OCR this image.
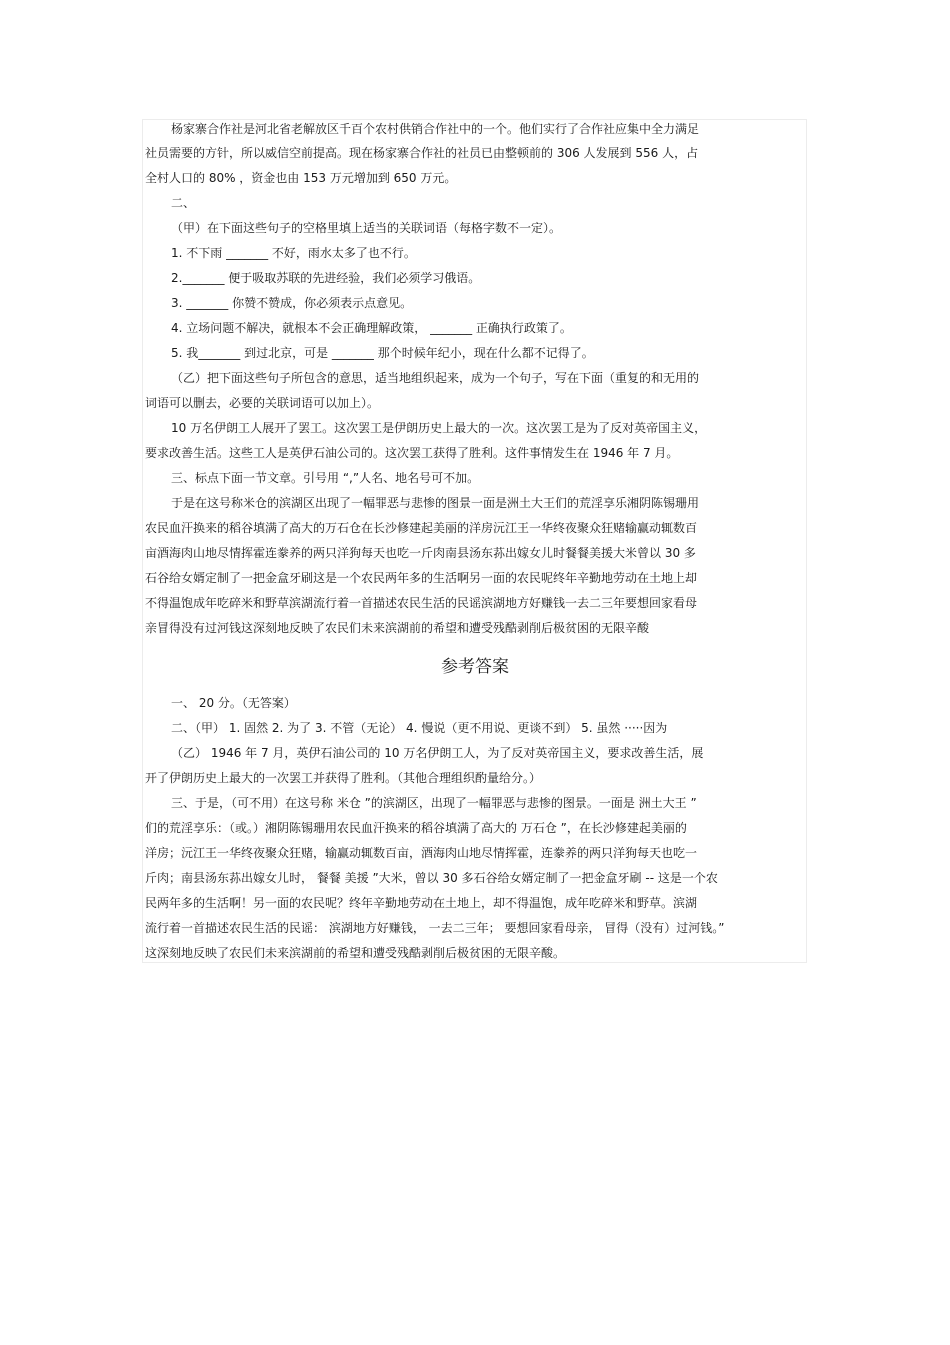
杨家寨合作社是河北省老解放区千百个农村供销合作社中的一个。他们实行了合作社应集中全力满足
社员需要的方针，所以威信空前提高。现在杨家寨合作社的社员已由整顿前的 306 人发展到 556 人，占
全村人口的 80% ，资金也由 153 万元增加到 650 万元。
二、
（甲）在下面这些句子的空格里填上适当的关联词语（每格字数不一定）。
1. 不下雨 _______ 不好，雨水太多了也不行。
2._______ 便于吸取苏联的先进经验，我们必须学习俄语。
3. _______ 你赞不赞成，你必须表示点意见。
4. 立场问题不解决，就根本不会正确理解政策， _______ 正确执行政策了。
5. 我_______ 到过北京，可是 _______ 那个时候年纪小，现在什么都不记得了。
（乙）把下面这些句子所包含的意思，适当地组织起来，成为一个句子，写在下面（重复的和无用的
词语可以删去，必要的关联词语可以加上）。
10 万名伊朗工人展开了罢工。这次罢工是伊朗历史上最大的一次。这次罢工是为了反对英帝国主义，
要求改善生活。这些工人是英伊石油公司的。这次罢工获得了胜利。这件事情发生在 1946 年 7 月。
三、标点下面一节文章。引号用 “,”人名、地名号可不加。
于是在这号称米仓的滨湖区出现了一幅罪恶与悲惨的图景一面是洲土大王们的荒淫享乐湘阴陈锡珊用
农民血汗换来的稻谷填满了高大的万石仓在长沙修建起美丽的洋房沅江王一华终夜聚众狂赌输赢动辄数百
亩酒海肉山地尽情挥霍连豢养的两只洋狗每天也吃一斤肉南县汤东荪出嫁女儿时餐餐美援大米曾以 30 多
石谷给女婿定制了一把金盒牙刷这是一个农民两年多的生活啊另一面的农民呢终年辛勤地劳动在土地上却
不得温饱成年吃碎米和野草滨湖流行着一首描述农民生活的民谣滨湖地方好赚钱一去二三年要想回家看母
亲冒得没有过河钱这深刻地反映了农民们未来滨湖前的希望和遭受残酷剥削后极贫困的无限辛酸
参考答案
一、 20 分。（无答案）
二、（甲） 1. 固然 2. 为了 3. 不管（无论） 4. 慢说（更不用说、更谈不到） 5. 虽然 ·····因为
（乙） 1946 年 7 月，英伊石油公司的 10 万名伊朗工人，为了反对英帝国主义，要求改善生活，展
开了伊朗历史上最大的一次罢工并获得了胜利。（其他合理组织酌量给分。）
三、于是，（可不用）在这号称 米仓 ”的滨湖区，出现了一幅罪恶与悲惨的图景。一面是 洲土大王 ”
们的荒淫享乐：（或。）湘阴陈锡珊用农民血汗换来的稻谷填满了高大的 万石仓 ”，在长沙修建起美丽的
洋房；沅江王一华终夜聚众狂赌，输赢动辄数百亩，酒海肉山地尽情挥霍，连豢养的两只洋狗每天也吃一
斤肉；南县汤东荪出嫁女儿时， 餐餐 美援 ”大米，曾以 30 多石谷给女婿定制了一把金盒牙刷 -- 这是一个农
民两年多的生活啊！另一面的农民呢？终年辛勤地劳动在土地上，却不得温饱，成年吃碎米和野草。滨湖
流行着一首描述农民生活的民谣： 滨湖地方好赚钱， 一去二三年； 要想回家看母亲， 冒得（没有）过河钱。”
这深刻地反映了农民们未来滨湖前的希望和遭受残酷剥削后极贫困的无限辛酸。
